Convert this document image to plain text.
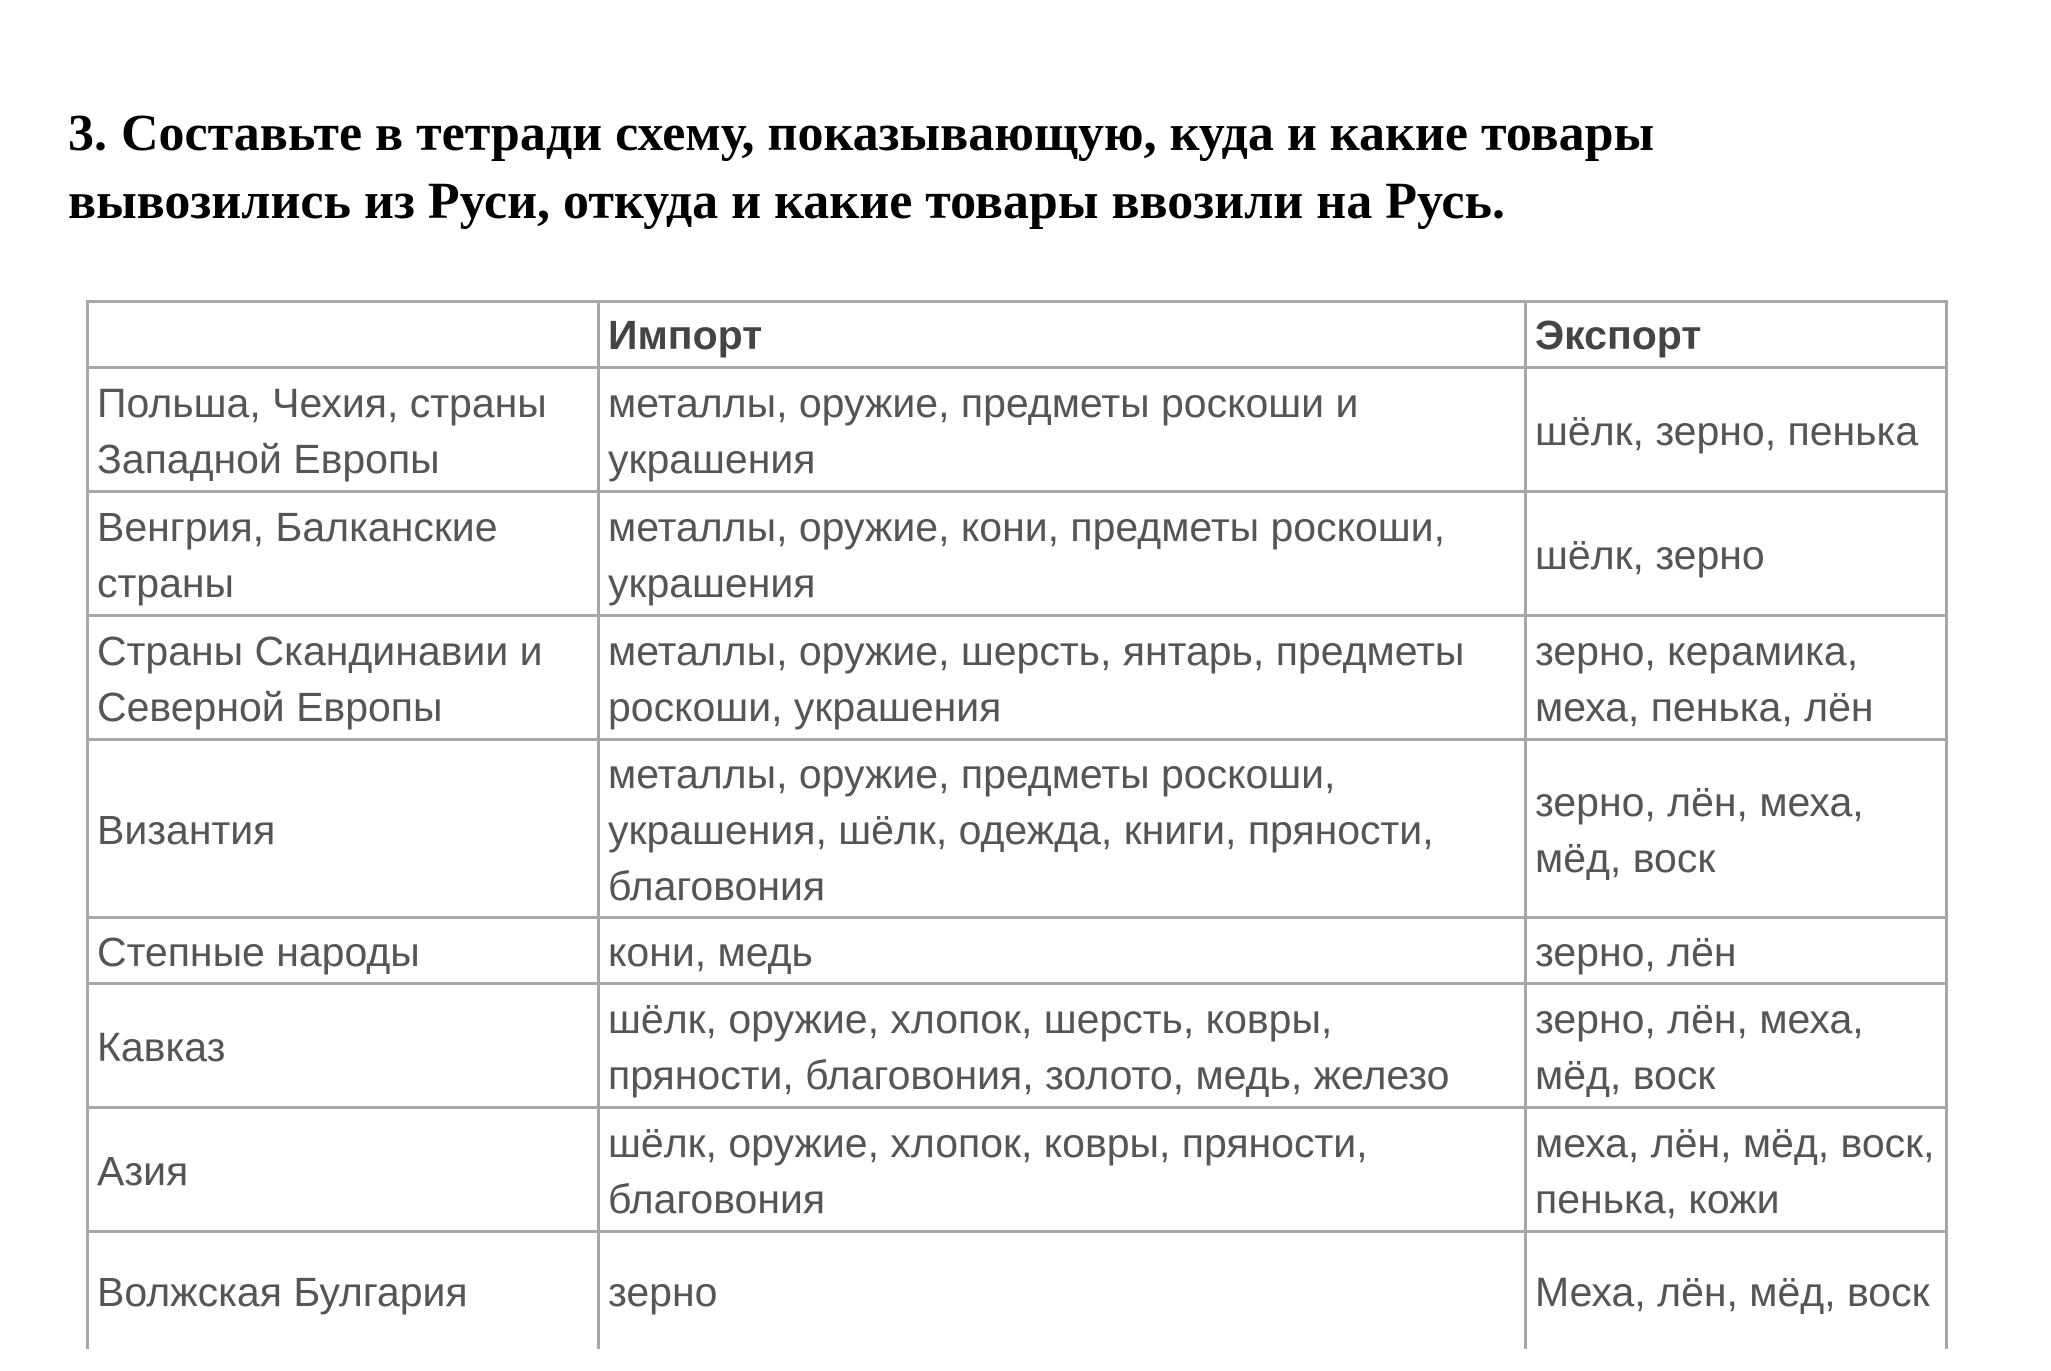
3. Составьте в тетради схему, показывающую, куда и какие товары вывозились из Руси, откуда и какие товары ввозили на Русь.
	Импорт	Экспорт
Польша, Чехия, страны Западной Европы	металлы, оружие, предметы роскоши и украшения	шёлк, зерно, пенька
Венгрия, Балканские страны	металлы, оружие, кони, предметы роскоши, украшения	шёлк, зерно
Страны Скандинавии и Северной Европы	металлы, оружие, шерсть, янтарь, предметы роскоши, украшения	зерно, керамика, меха, пенька, лён
Византия	металлы, оружие, предметы роскоши, украшения, шёлк, одежда, книги, пряности, благовония	зерно, лён, меха, мёд, воск
Степные народы	кони, медь	зерно, лён
Кавказ	шёлк, оружие, хлопок, шерсть, ковры, пряности, благовония, золото, медь, железо	зерно, лён, меха, мёд, воск
Азия	шёлк, оружие, хлопок, ковры, пряности, благовония	меха, лён, мёд, воск, пенька, кожи
Волжская Булгария	зерно	Меха, лён, мёд, воск
